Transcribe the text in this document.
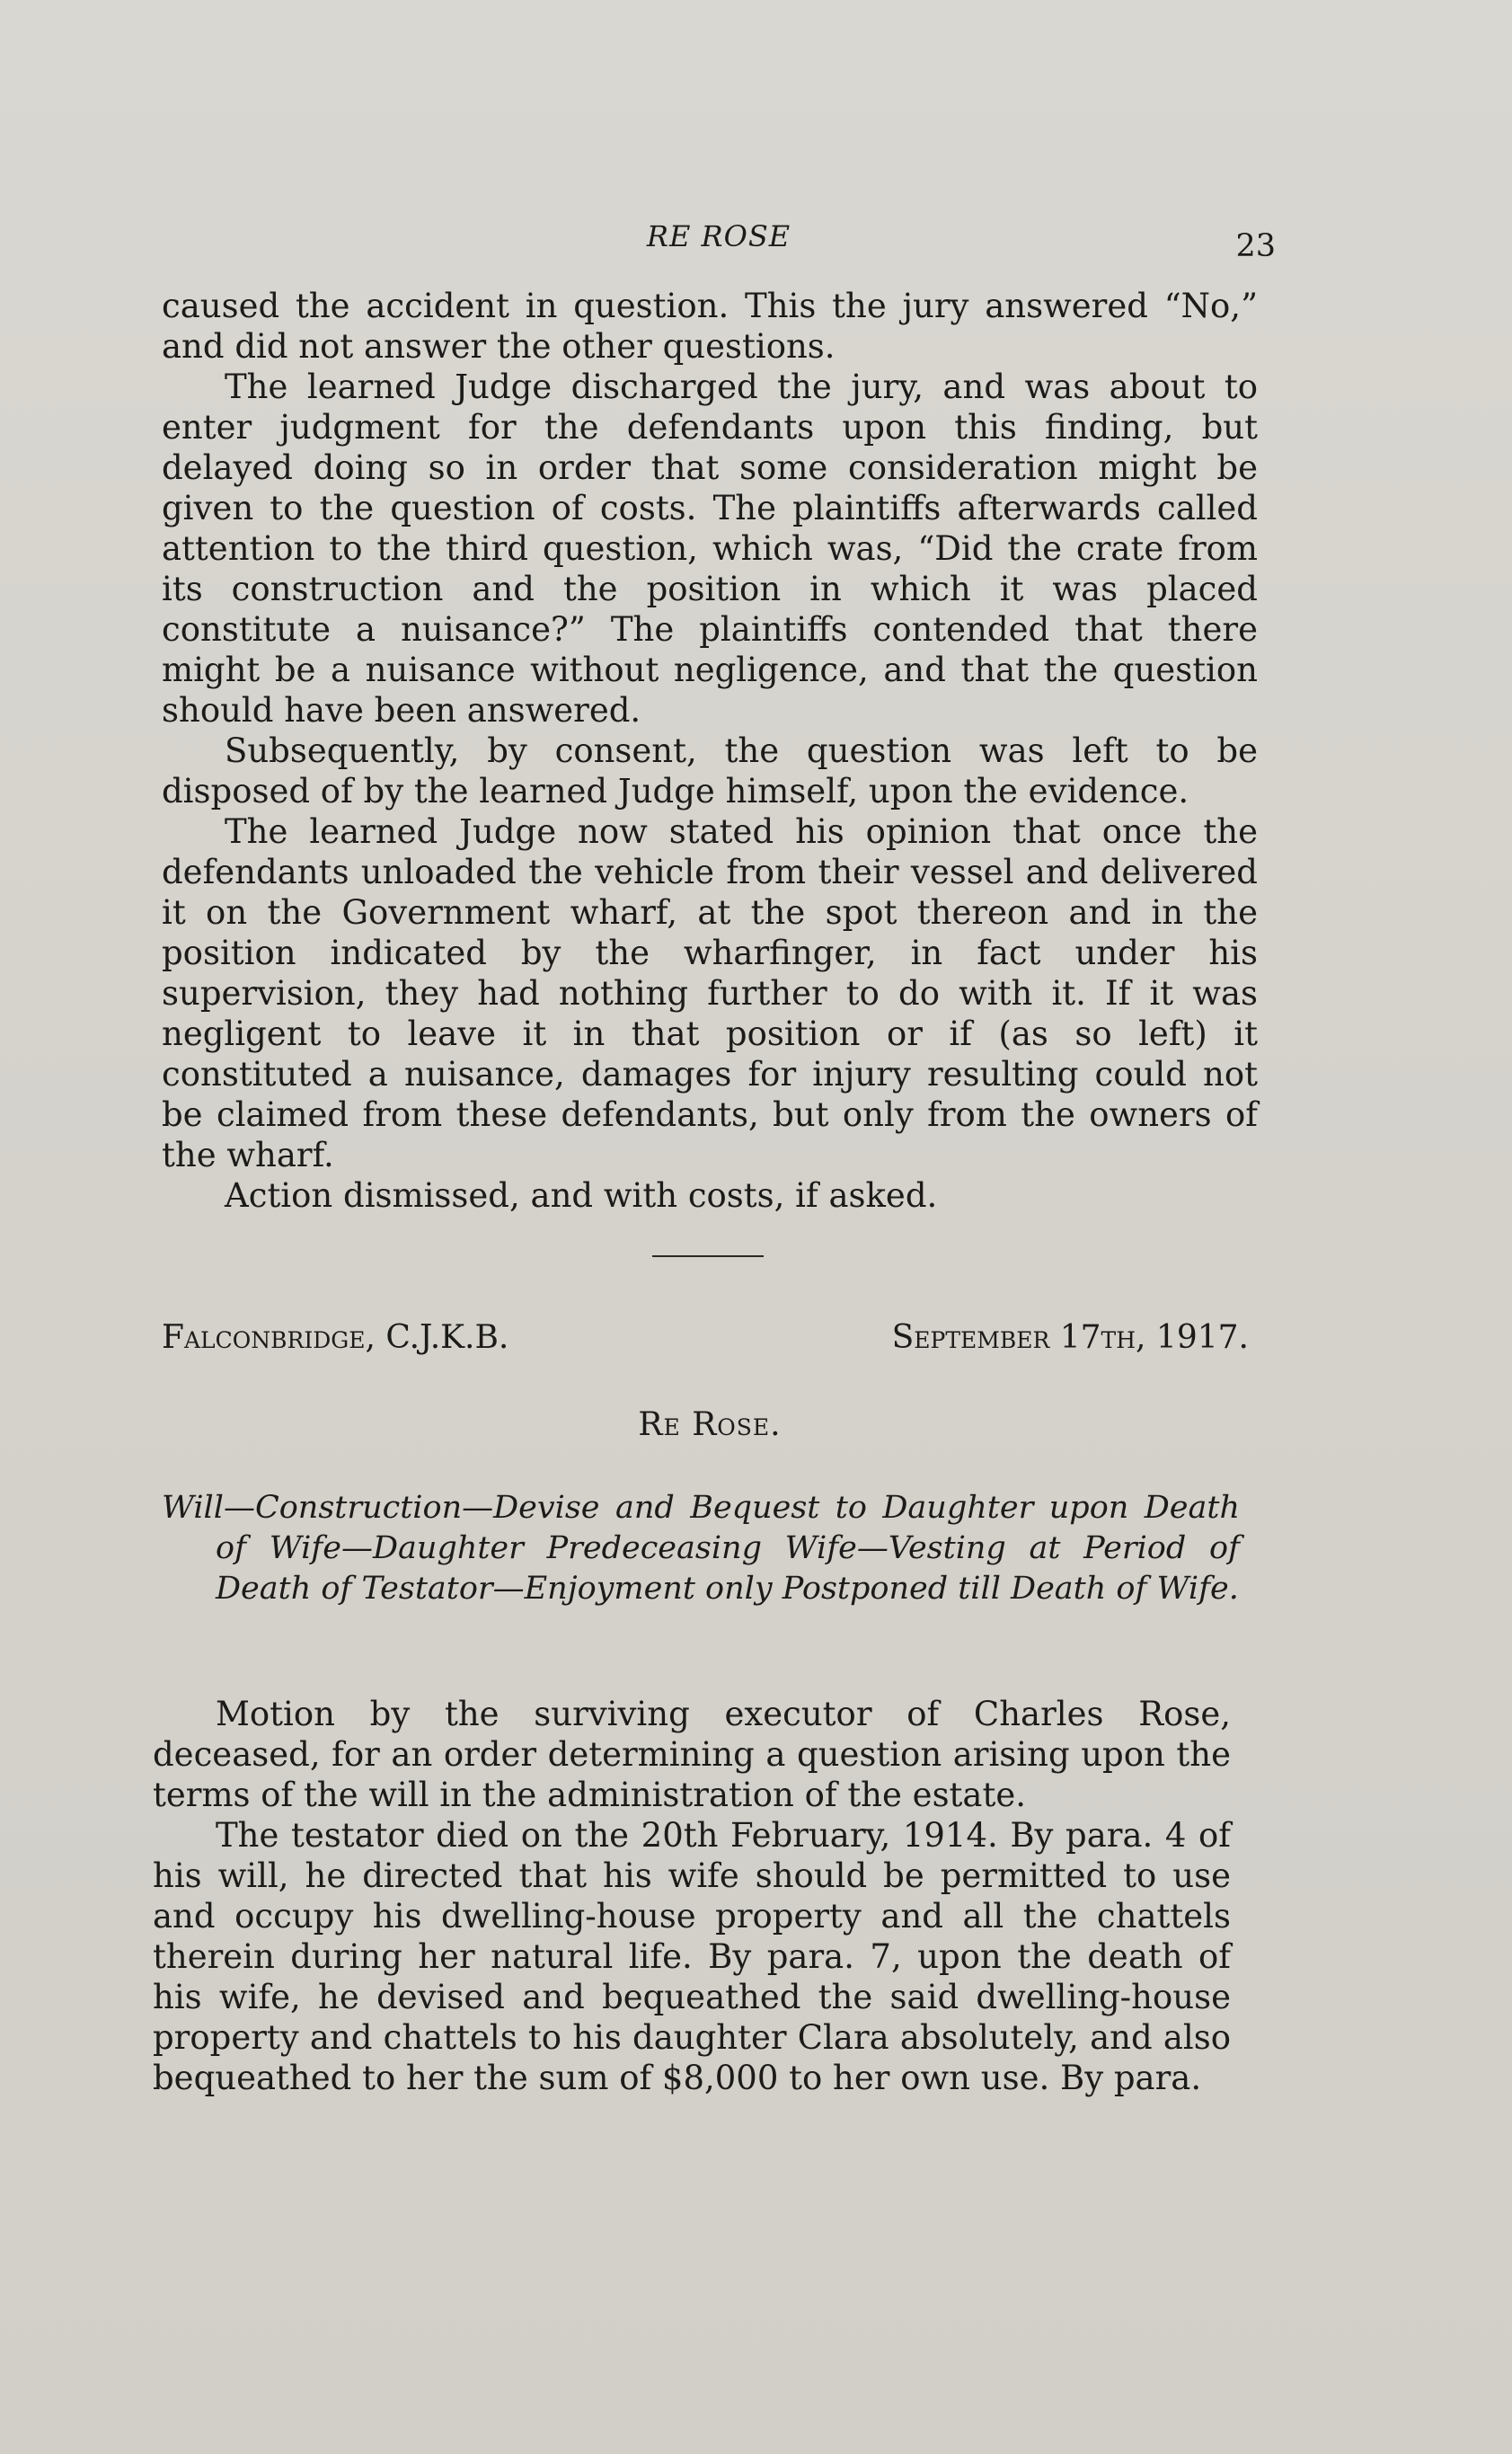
RE ROSE	23

caused the accident in question. This the jury answered “No,” and did not answer the other questions.

The learned Judge discharged the jury, and was about to enter judgment for the defendants upon this finding, but delayed doing so in order that some consideration might be given to the question of costs. The plaintiffs afterwards called attention to the third question, which was, “Did the crate from its construction and the position in which it was placed constitute a nuisance?” The plaintiffs contended that there might be a nuisance without negligence, and that the question should have been answered.

Subsequently, by consent, the question was left to be disposed of by the learned Judge himself, upon the evidence.

The learned Judge now stated his opinion that once the defendants unloaded the vehicle from their vessel and delivered it on the Government wharf, at the spot thereon and in the position indicated by the wharfinger, in fact under his supervision, they had nothing further to do with it. If it was negligent to leave it in that position or if (as so left) it constituted a nuisance, damages for injury resulting could not be claimed from these defendants, but only from the owners of the wharf.

Action dismissed, and with costs, if asked.

Falconbridge, C.J.K.B.	September 17th, 1917.
Re Rose.
Will—Construction—Devise and Bequest to Daughter upon Death of Wife—Daughter Predeceasing Wife—Vesting at Period of Death of Testator—Enjoyment only Postponed till Death of Wife.

Motion by the surviving executor of Charles Rose, deceased, for an order determining a question arising upon the terms of the will in the administration of the estate.

The testator died on the 20th February, 1914. By para. 4 of his will, he directed that his wife should be permitted to use and occupy his dwelling-house property and all the chattels therein during her natural life. By para. 7, upon the death of his wife, he devised and bequeathed the said dwelling-house property and chattels to his daughter Clara absolutely, and also bequeathed to her the sum of $8,000 to her own use. By para.
